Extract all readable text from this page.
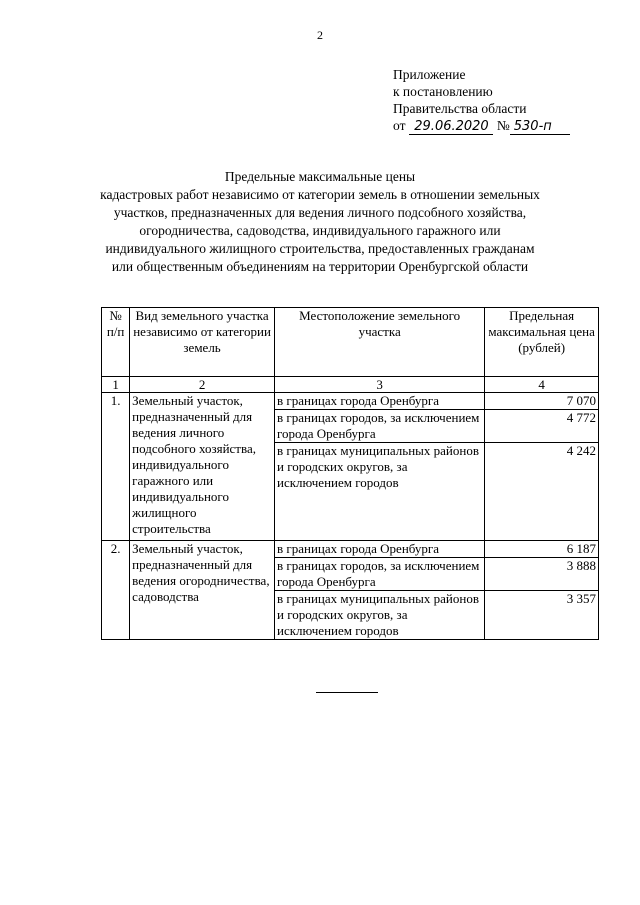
2
Приложение
к постановлению
Правительства области
от 29.06.2020 № 530-п
Предельные максимальные цены
кадастровых работ независимо от категории земель в отношении земельных
участков, предназначенных для ведения личного подсобного хозяйства,
огородничества, садоводства, индивидуального гаражного или
индивидуального жилищного строительства, предоставленных гражданам
или общественным объединениям на территории Оренбургской области
№ п/п	Вид земельного участка независимо от категории земель	Местоположение земельного участка	Предельная максимальная цена (рублей)
1	2	3	4
1.	Земельный участок, предназначенный для ведения личного подсобного хозяйства, индивидуального гаражного или индивидуального жилищного строительства	в границах города Оренбурга	7 070
		в границах городов, за исключением города Оренбурга	4 772
		в границах муниципальных районов и городских округов, за исключением городов	4 242
2.	Земельный участок, предназначенный для ведения огородничества, садоводства	в границах города Оренбурга	6 187
		в границах городов, за исключением города Оренбурга	3 888
		в границах муниципальных районов и городских округов, за исключением городов	3 357
